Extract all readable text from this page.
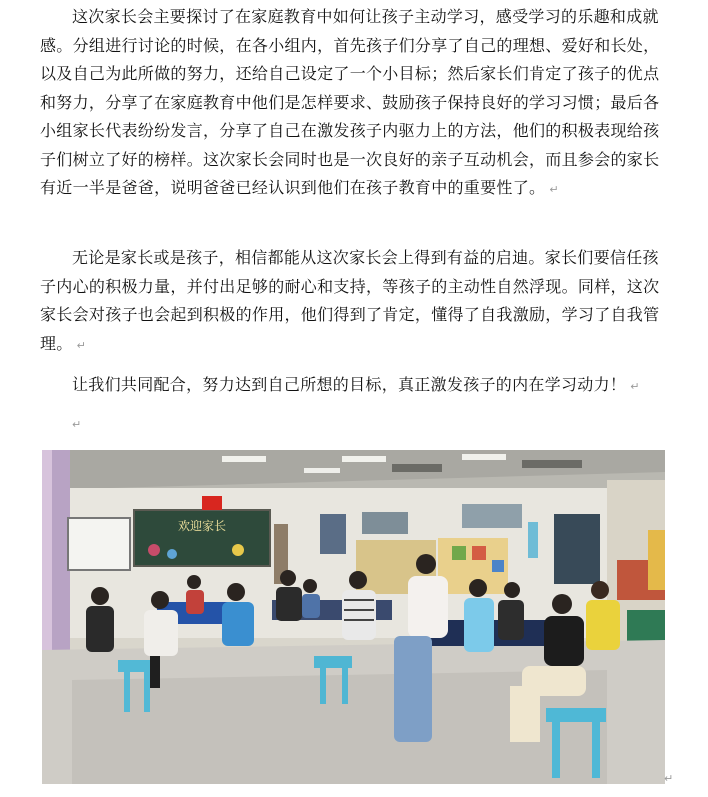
这次家长会主要探讨了在家庭教育中如何让孩子主动学习，感受学习的乐趣和成就感。分组进行讨论的时候，在各小组内，首先孩子们分享了自己的理想、爱好和长处，以及自己为此所做的努力，还给自己设定了一个小目标；然后家长们肯定了孩子的优点和努力，分享了在家庭教育中他们是怎样要求、鼓励孩子保持良好的学习习惯；最后各小组家长代表纷纷发言，分享了自己在激发孩子内驱力上的方法，他们的积极表现给孩子们树立了好的榜样。这次家长会同时也是一次良好的亲子互动机会，而且参会的家长有近一半是爸爸，说明爸爸已经认识到他们在孩子教育中的重要性了。 ↵

无论是家长或是孩子，相信都能从这次家长会上得到有益的启迪。家长们要信任孩子内心的积极力量，并付出足够的耐心和支持，等孩子的主动性自然浮现。同样，这次家长会对孩子也会起到积极的作用，他们得到了肯定，懂得了自我激励，学习了自我管理。 ↵

让我们共同配合，努力达到自己所想的目标，真正激发孩子的内在学习动力！ ↵

↵
欢迎家长
↵
